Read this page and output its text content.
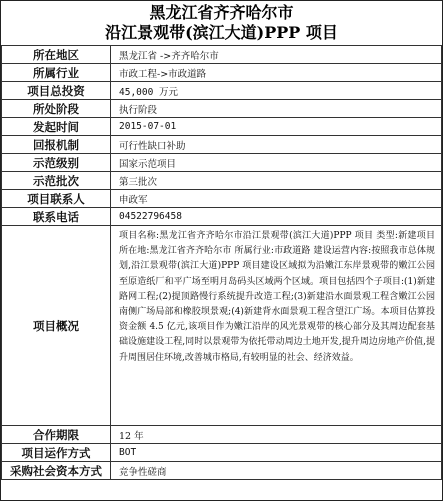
黑龙江省齐齐哈尔市
沿江景观带(滨江大道)PPP 项目
所在地区	黑龙江省 ->齐齐哈尔市
所属行业	市政工程->市政道路
项目总投资	45,000 万元
所处阶段	执行阶段
发起时间	2015-07-01
回报机制	可行性缺口补助
示范级别	国家示范项目
示范批次	第三批次
项目联系人	申政军
联系电话	04522796458
项目概况	项目名称:黑龙江省齐齐哈尔市沿江景观带(滨江大道)PPP 项目 类型:新建项目 所在地:黑龙江省齐齐哈尔市 所属行业:市政道路 建设运营内容:按照我市总体规划,沿江景观带(滨江大道)PPP 项目建设区域拟为沿嫩江东岸景观带的嫩江公园至原造纸厂和平广场至明月岛码头区域两个区域。项目包括四个子项目:(1)新建路网工程;(2)提顶路慢行系统提升改造工程;(3)新建沿水面景观工程含嫩江公园南侧广场局部和橡胶坝景观;(4)新建背水面景观工程含望江广场。本项目估算投资金额 4.5 亿元,该项目作为嫩江沿岸的风光景观带的核心部分及其周边配套基础设施建设工程,同时以景观带为依托带动周边土地开发,提升周边房地产价值,提升周围居住环境,改善城市格局,有较明显的社会、经济效益。
合作期限	12 年
项目运作方式	BOT
采购社会资本方式	竞争性磋商
